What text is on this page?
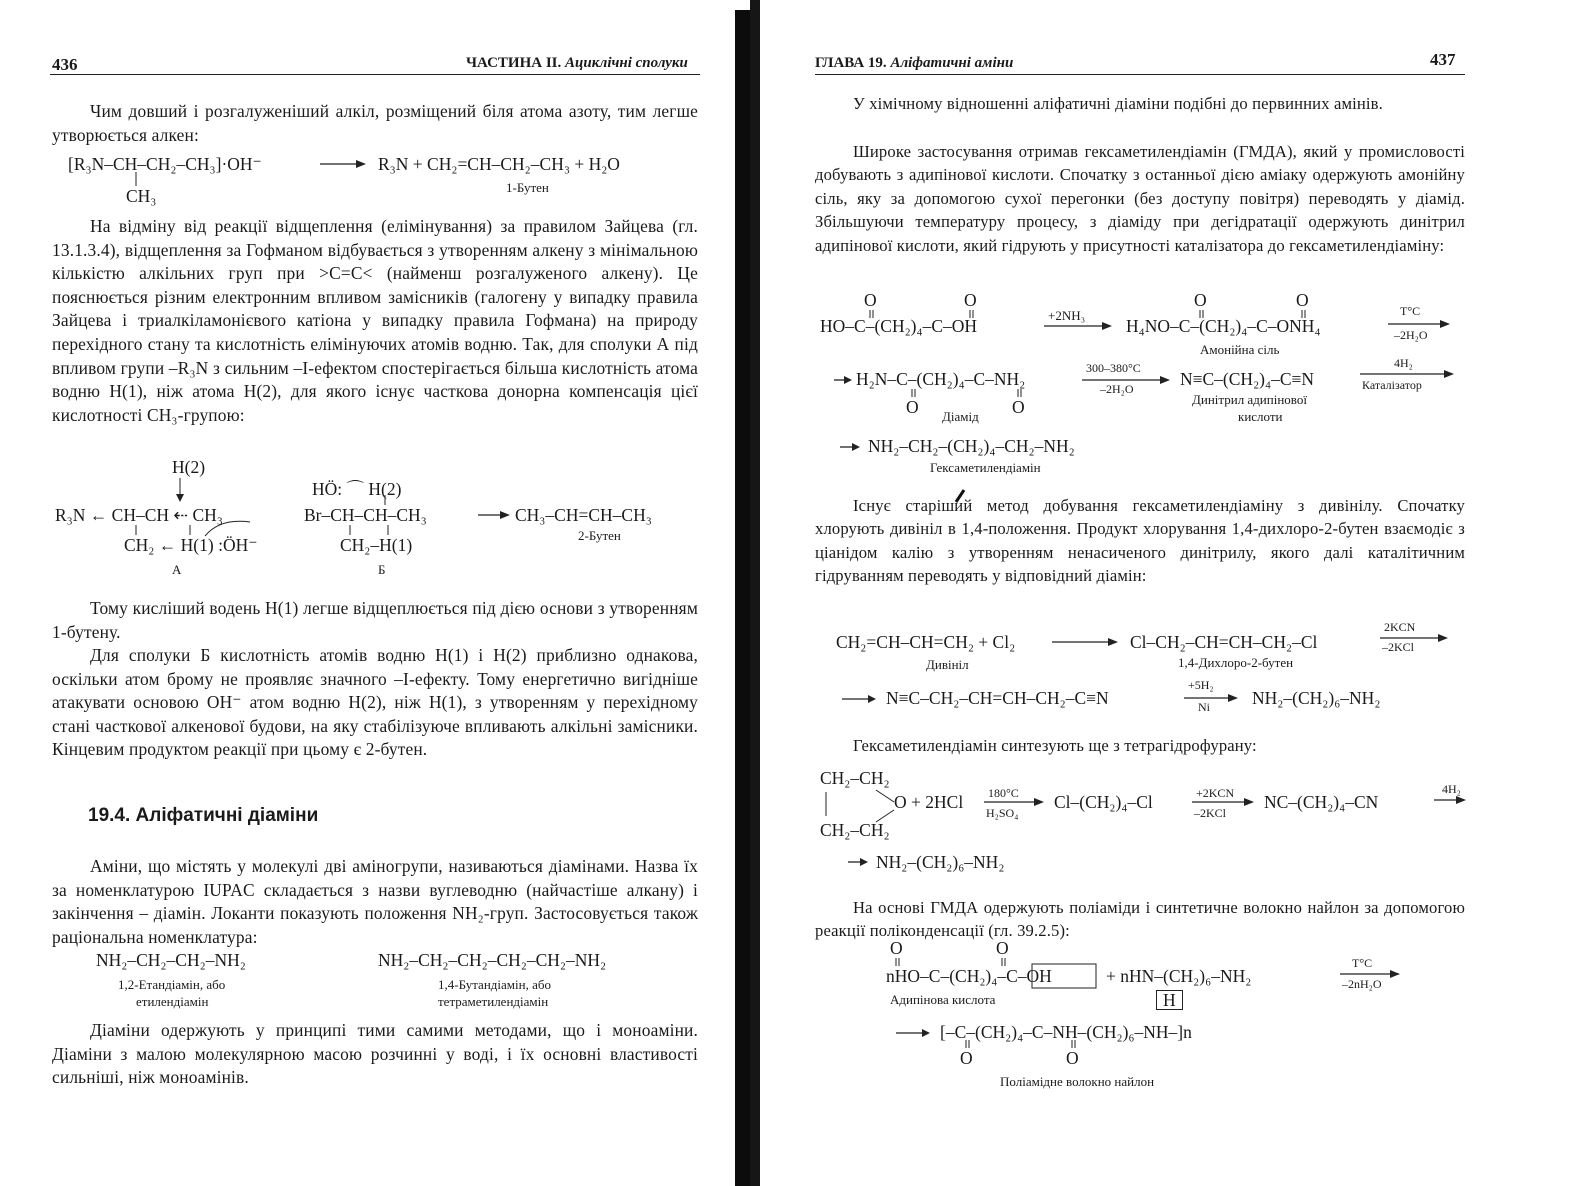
436	ЧАСТИНА ІІ. Ациклічні сполуки

Чим довший і розгалуженіший алкіл, розміщений біля атома азоту, тим легше утворюється алкен:

[R₃N–CH–CH₂–CH₃]·OH⁻
CH₃
R₃N + CH₂=CH–CH₂–CH₃ + H₂O
1-Бутен

На відміну від реакції відщеплення (елімінування) за правилом Зайцева (гл. 13.1.3.4), відщеплення за Гофманом відбувається з утворенням алкену з мінімальною кількістю алкільних груп при >C=C< (найменш розгалуженого алкену). Це пояснюється різним електронним впливом замісників (галогену у випадку правила Зайцева і триалкіламонієвого катіона у випадку правила Гофмана) на природу перехідного стану та кислотність елімінуючих атомів водню. Так, для сполуки А під впливом групи –R₃N з сильним –I-ефектом спостерігається більша кислотність атома водню H(1), ніж атома H(2), для якого існує часткова донорна компенсація цієї кислотності CH₃-групою:

H(2)
R₃N ← CH–CH ⇠ CH₃
CH₂ ← H(1) :ÖH⁻
А
HÖ: ⌒ H(2)
Br–CH–CH–CH₃
CH₂–H(1)
Б
CH₃–CH=CH–CH₃
2-Бутен

Тому кисліший водень H(1) легше відщеплюється під дією основи з утворенням 1-бутену.

Для сполуки Б кислотність атомів водню H(1) і H(2) приблизно однакова, оскільки атом брому не проявляє значного –I-ефекту. Тому енергетично вигідніше атакувати основою OH⁻ атом водню H(2), ніж H(1), з утворенням у перехідному стані часткової алкенової будови, на яку стабілізуюче впливають алкільні замісники. Кінцевим продуктом реакції при цьому є 2-бутен.

19.4. Аліфатичні діаміни

Аміни, що містять у молекулі дві аміногрупи, називаються діамінами. Назва їх за номенклатурою IUPAC складається з назви вуглеводню (найчастіше алкану) і закінчення – діамін. Локанти показують положення NH₂-груп. Застосовується також раціональна номенклатура:

NH₂–CH₂–CH₂–NH₂
1,2-Етандіамін, або
етилендіамін
NH₂–CH₂–CH₂–CH₂–CH₂–NH₂
1,4-Бутандіамін, або
тетраметилендіамін

Діаміни одержують у принципі тими самими методами, що і моноаміни. Діаміни з малою молекулярною масою розчинні у воді, і їх основні властивості сильніші, ніж моноамінів.

ГЛАВА 19. Аліфатичні аміни	437

У хімічному відношенні аліфатичні діаміни подібні до первинних амінів.

Широке застосування отримав гексаметилендіамін (ГМДА), який у промисловості добувають з адипінової кислоти. Спочатку з останньої дією аміаку одержують амонійну сіль, яку за допомогою сухої перегонки (без доступу повітря) переводять у діамід. Збільшуючи температуру процесу, з діаміду при дегідратації одержують динітрил адипінової кислоти, який гідрують у присутності каталізатора до гексаметилендіаміну:

HO–C–(CH₂)₄–C–OH
O	O
+2NH₃
H₄NO–C–(CH₂)₄–C–ONH₄
O	O
T°C
–2H₂O
Амонійна сіль
H₂N–C–(CH₂)₄–C–NH₂
O	O
Діамід
300–380°C
–2H₂O	N≡C–(CH₂)₄–C≡N
Динітрил адипінової
кислоти
4H₂
Каталізатор
NH₂–CH₂–(CH₂)₄–CH₂–NH₂
Гексаметилендіамін

Існує старіший метод добування гексаметилендіаміну з дивінілу. Спочатку хлорують дивініл в 1,4-положення. Продукт хлорування 1,4-дихлоро-2-бутен взаємодіє з ціанідом калію з утворенням ненасиченого динітрилу, якого далі каталітичним гідруванням переводять у відповідний діамін:

CH₂=CH–CH=CH₂ + Cl₂
Дивініл
Cl–CH₂–CH=CH–CH₂–Cl
1,4-Дихлоро-2-бутен
2KCN
–2KCl
N≡C–CH₂–CH=CH–CH₂–C≡N
+5H₂
Ni NH₂–(CH₂)₆–NH₂

Гексаметилендіамін синтезують ще з тетрагідрофурану:

CH₂–CH₂
O + 2HCl
CH₂–CH₂
180°C
H₂SO₄
Cl–(CH₂)₄–Cl	+2KCN
–2KCl
NC–(CH₂)₄–CN
4H₂
NH₂–(CH₂)₆–NH₂

На основі ГМДА одержують поліаміди і синтетичне волокно найлон за допомогою реакції поліконденсації (гл. 39.2.5):

O	O
nHO–C–(CH₂)₄–C–OH	+ nHN–(CH₂)₆–NH₂
H
T°C
–2nH₂O
Адипінова кислота
[–C–(CH₂)₄–C–NH–(CH₂)₆–NH–]n
O	O
Поліамідне волокно найлон
